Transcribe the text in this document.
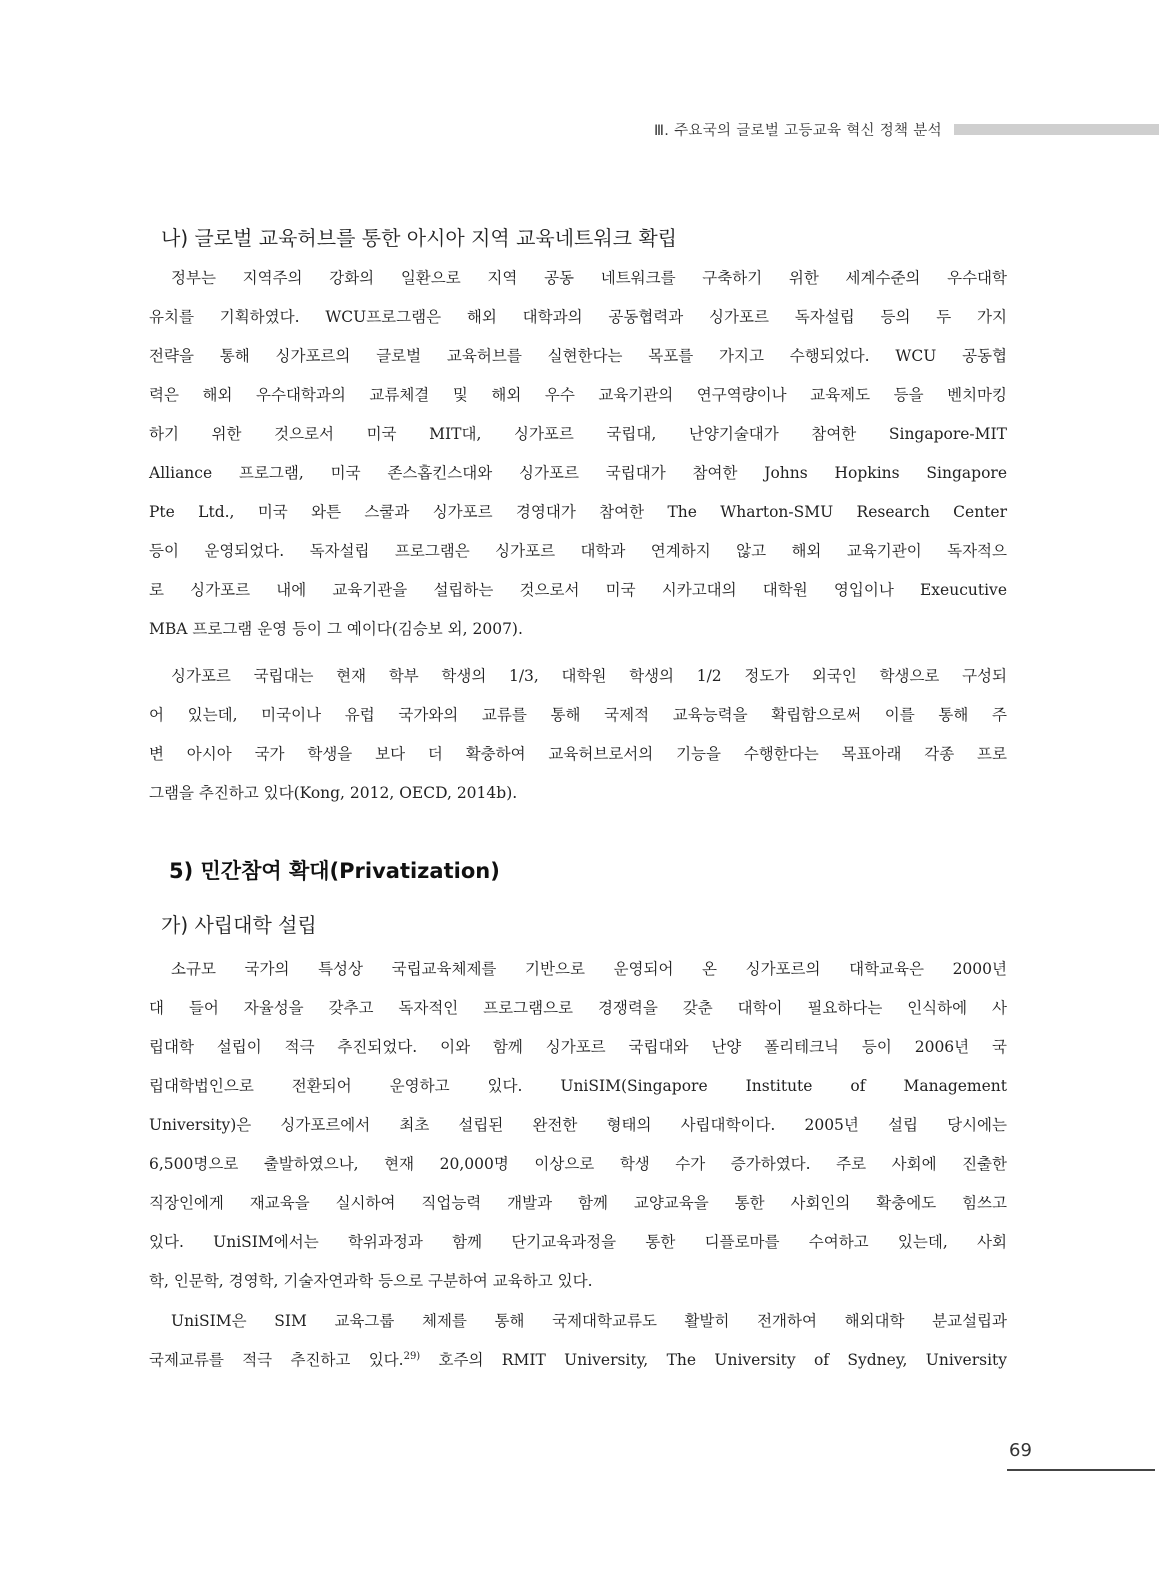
Ⅲ. 주요국의 글로벌 고등교육 혁신 정책 분석
나) 글로벌 교육허브를 통한 아시아 지역 교육네트워크 확립
정부는 지역주의 강화의 일환으로 지역 공동 네트워크를 구축하기 위한 세계수준의 우수대학
유치를 기획하였다. WCU프로그램은 해외 대학과의 공동협력과 싱가포르 독자설립 등의 두 가지
전략을 통해 싱가포르의 글로벌 교육허브를 실현한다는 목포를 가지고 수행되었다. WCU 공동협
력은 해외 우수대학과의 교류체결 및 해외 우수 교육기관의 연구역량이나 교육제도 등을 벤치마킹
하기 위한 것으로서 미국 MIT대, 싱가포르 국립대, 난양기술대가 참여한 Singapore-MIT
Alliance 프로그램, 미국 존스홉킨스대와 싱가포르 국립대가 참여한 Johns Hopkins Singapore
Pte Ltd., 미국 와튼 스쿨과 싱가포르 경영대가 참여한 The Wharton-SMU Research Center
등이 운영되었다. 독자설립 프로그램은 싱가포르 대학과 연계하지 않고 해외 교육기관이 독자적으
로 싱가포르 내에 교육기관을 설립하는 것으로서 미국 시카고대의 대학원 영입이나 Exeucutive
MBA 프로그램 운영 등이 그 예이다(김승보 외, 2007).
싱가포르 국립대는 현재 학부 학생의 1/3, 대학원 학생의 1/2 정도가 외국인 학생으로 구성되
어 있는데, 미국이나 유럽 국가와의 교류를 통해 국제적 교육능력을 확립함으로써 이를 통해 주
변 아시아 국가 학생을 보다 더 확충하여 교육허브로서의 기능을 수행한다는 목표아래 각종 프로
그램을 추진하고 있다(Kong, 2012, OECD, 2014b).
5) 민간참여 확대(Privatization)
가) 사립대학 설립
소규모 국가의 특성상 국립교육체제를 기반으로 운영되어 온 싱가포르의 대학교육은 2000년
대 들어 자율성을 갖추고 독자적인 프로그램으로 경쟁력을 갖춘 대학이 필요하다는 인식하에 사
립대학 설립이 적극 추진되었다. 이와 함께 싱가포르 국립대와 난양 폴리테크닉 등이 2006년 국
립대학법인으로 전환되어 운영하고 있다. UniSIM(Singapore Institute of Management
University)은 싱가포르에서 최초 설립된 완전한 형태의 사립대학이다. 2005년 설립 당시에는
6,500명으로 출발하였으나, 현재 20,000명 이상으로 학생 수가 증가하였다. 주로 사회에 진출한
직장인에게 재교육을 실시하여 직업능력 개발과 함께 교양교육을 통한 사회인의 확충에도 힘쓰고
있다. UniSIM에서는 학위과정과 함께 단기교육과정을 통한 디플로마를 수여하고 있는데, 사회
학, 인문학, 경영학, 기술자연과학 등으로 구분하여 교육하고 있다.
UniSIM은 SIM 교육그룹 체제를 통해 국제대학교류도 활발히 전개하여 해외대학 분교설립과
국제교류를 적극 추진하고 있다.$^{29)}$ 호주의 RMIT University, The University of Sydney, University
69
